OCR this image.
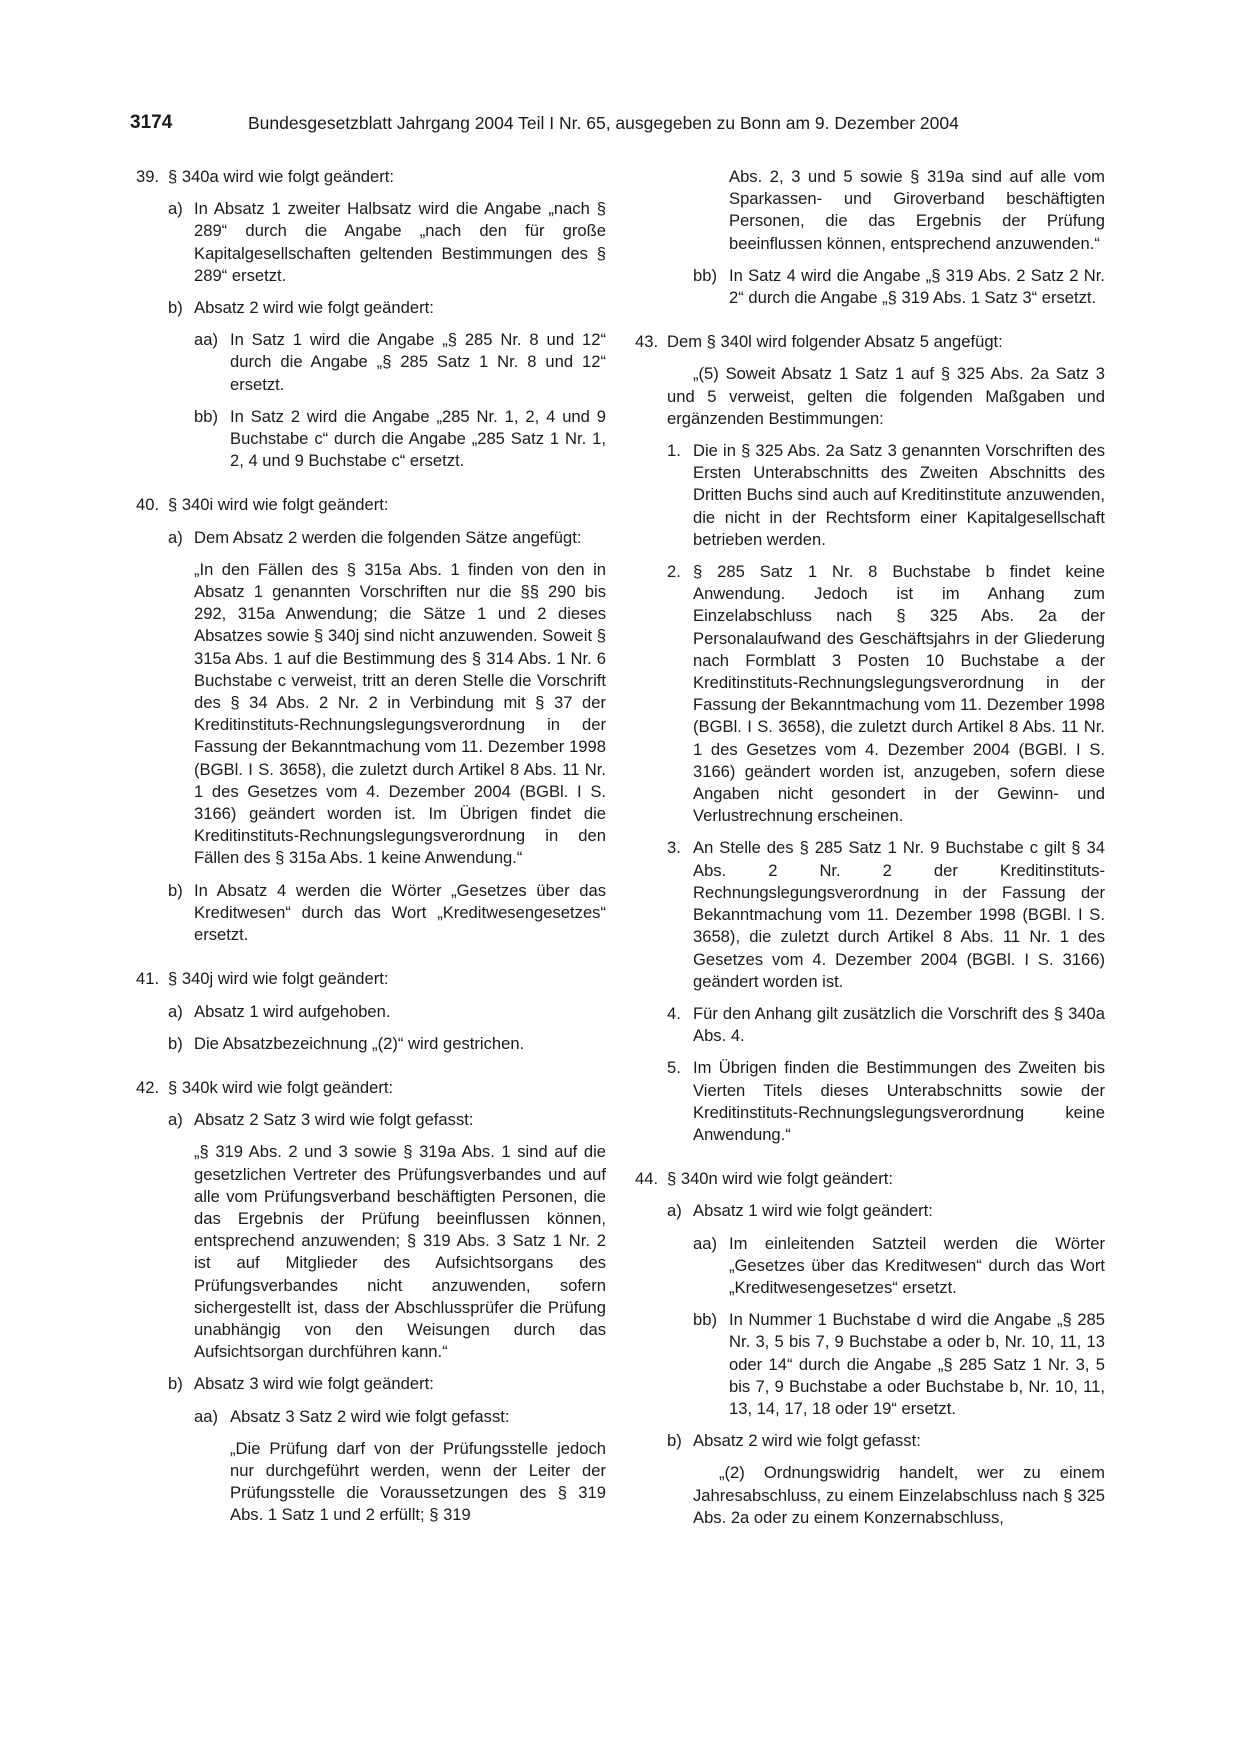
3174	Bundesgesetzblatt Jahrgang 2004 Teil I Nr. 65, ausgegeben zu Bonn am 9. Dezember 2004

39. § 340a wird wie folgt geändert:

a) In Absatz 1 zweiter Halbsatz wird die Angabe „nach § 289“ durch die Angabe „nach den für große Kapitalgesellschaften geltenden Bestimmungen des § 289“ ersetzt.

b) Absatz 2 wird wie folgt geändert:

aa) In Satz 1 wird die Angabe „§ 285 Nr. 8 und 12“ durch die Angabe „§ 285 Satz 1 Nr. 8 und 12“ ersetzt.

bb) In Satz 2 wird die Angabe „285 Nr. 1, 2, 4 und 9 Buchstabe c“ durch die Angabe „285 Satz 1 Nr. 1, 2, 4 und 9 Buchstabe c“ ersetzt.

40. § 340i wird wie folgt geändert:

a) Dem Absatz 2 werden die folgenden Sätze angefügt:

„In den Fällen des § 315a Abs. 1 finden von den in Absatz 1 genannten Vorschriften nur die §§ 290 bis 292, 315a Anwendung; die Sätze 1 und 2 dieses Absatzes sowie § 340j sind nicht anzuwenden. Soweit § 315a Abs. 1 auf die Bestimmung des § 314 Abs. 1 Nr. 6 Buchstabe c verweist, tritt an deren Stelle die Vorschrift des § 34 Abs. 2 Nr. 2 in Verbindung mit § 37 der Kreditinstituts-Rechnungslegungsverordnung in der Fassung der Bekanntmachung vom 11. Dezember 1998 (BGBl. I S. 3658), die zuletzt durch Artikel 8 Abs. 11 Nr. 1 des Gesetzes vom 4. Dezember 2004 (BGBl. I S. 3166) geändert worden ist. Im Übrigen findet die Kreditinstituts-Rechnungslegungsverordnung in den Fällen des § 315a Abs. 1 keine Anwendung.“

b) In Absatz 4 werden die Wörter „Gesetzes über das Kreditwesen“ durch das Wort „Kreditwesengesetzes“ ersetzt.

41. § 340j wird wie folgt geändert:

a) Absatz 1 wird aufgehoben.

b) Die Absatzbezeichnung „(2)“ wird gestrichen.

42. § 340k wird wie folgt geändert:

a) Absatz 2 Satz 3 wird wie folgt gefasst:

„§ 319 Abs. 2 und 3 sowie § 319a Abs. 1 sind auf die gesetzlichen Vertreter des Prüfungsverbandes und auf alle vom Prüfungsverband beschäftigten Personen, die das Ergebnis der Prüfung beeinflussen können, entsprechend anzuwenden; § 319 Abs. 3 Satz 1 Nr. 2 ist auf Mitglieder des Aufsichtsorgans des Prüfungsverbandes nicht anzuwenden, sofern sichergestellt ist, dass der Abschlussprüfer die Prüfung unabhängig von den Weisungen durch das Aufsichtsorgan durchführen kann.“

b) Absatz 3 wird wie folgt geändert:

aa) Absatz 3 Satz 2 wird wie folgt gefasst:

„Die Prüfung darf von der Prüfungsstelle jedoch nur durchgeführt werden, wenn der Leiter der Prüfungsstelle die Voraussetzungen des § 319 Abs. 1 Satz 1 und 2 erfüllt; § 319

Abs. 2, 3 und 5 sowie § 319a sind auf alle vom Sparkassen- und Giroverband beschäftigten Personen, die das Ergebnis der Prüfung beeinflussen können, entsprechend anzuwenden.“

bb) In Satz 4 wird die Angabe „§ 319 Abs. 2 Satz 2 Nr. 2“ durch die Angabe „§ 319 Abs. 1 Satz 3“ ersetzt.

43. Dem § 340l wird folgender Absatz 5 angefügt:

„(5) Soweit Absatz 1 Satz 1 auf § 325 Abs. 2a Satz 3 und 5 verweist, gelten die folgenden Maßgaben und ergänzenden Bestimmungen:

1. Die in § 325 Abs. 2a Satz 3 genannten Vorschriften des Ersten Unterabschnitts des Zweiten Abschnitts des Dritten Buchs sind auch auf Kreditinstitute anzuwenden, die nicht in der Rechtsform einer Kapitalgesellschaft betrieben werden.

2. § 285 Satz 1 Nr. 8 Buchstabe b findet keine Anwendung. Jedoch ist im Anhang zum Einzelabschluss nach § 325 Abs. 2a der Personalaufwand des Geschäftsjahrs in der Gliederung nach Formblatt 3 Posten 10 Buchstabe a der Kreditinstituts-Rechnungslegungsverordnung in der Fassung der Bekanntmachung vom 11. Dezember 1998 (BGBl. I S. 3658), die zuletzt durch Artikel 8 Abs. 11 Nr. 1 des Gesetzes vom 4. Dezember 2004 (BGBl. I S. 3166) geändert worden ist, anzugeben, sofern diese Angaben nicht gesondert in der Gewinn- und Verlustrechnung erscheinen.

3. An Stelle des § 285 Satz 1 Nr. 9 Buchstabe c gilt § 34 Abs. 2 Nr. 2 der Kreditinstituts-Rechnungslegungsverordnung in der Fassung der Bekanntmachung vom 11. Dezember 1998 (BGBl. I S. 3658), die zuletzt durch Artikel 8 Abs. 11 Nr. 1 des Gesetzes vom 4. Dezember 2004 (BGBl. I S. 3166) geändert worden ist.

4. Für den Anhang gilt zusätzlich die Vorschrift des § 340a Abs. 4.

5. Im Übrigen finden die Bestimmungen des Zweiten bis Vierten Titels dieses Unterabschnitts sowie der Kreditinstituts-Rechnungslegungsverordnung keine Anwendung.“

44. § 340n wird wie folgt geändert:

a) Absatz 1 wird wie folgt geändert:

aa) Im einleitenden Satzteil werden die Wörter „Gesetzes über das Kreditwesen“ durch das Wort „Kreditwesengesetzes“ ersetzt.

bb) In Nummer 1 Buchstabe d wird die Angabe „§ 285 Nr. 3, 5 bis 7, 9 Buchstabe a oder b, Nr. 10, 11, 13 oder 14“ durch die Angabe „§ 285 Satz 1 Nr. 3, 5 bis 7, 9 Buchstabe a oder Buchstabe b, Nr. 10, 11, 13, 14, 17, 18 oder 19“ ersetzt.

b) Absatz 2 wird wie folgt gefasst:

„(2) Ordnungswidrig handelt, wer zu einem Jahresabschluss, zu einem Einzelabschluss nach § 325 Abs. 2a oder zu einem Konzernabschluss,
